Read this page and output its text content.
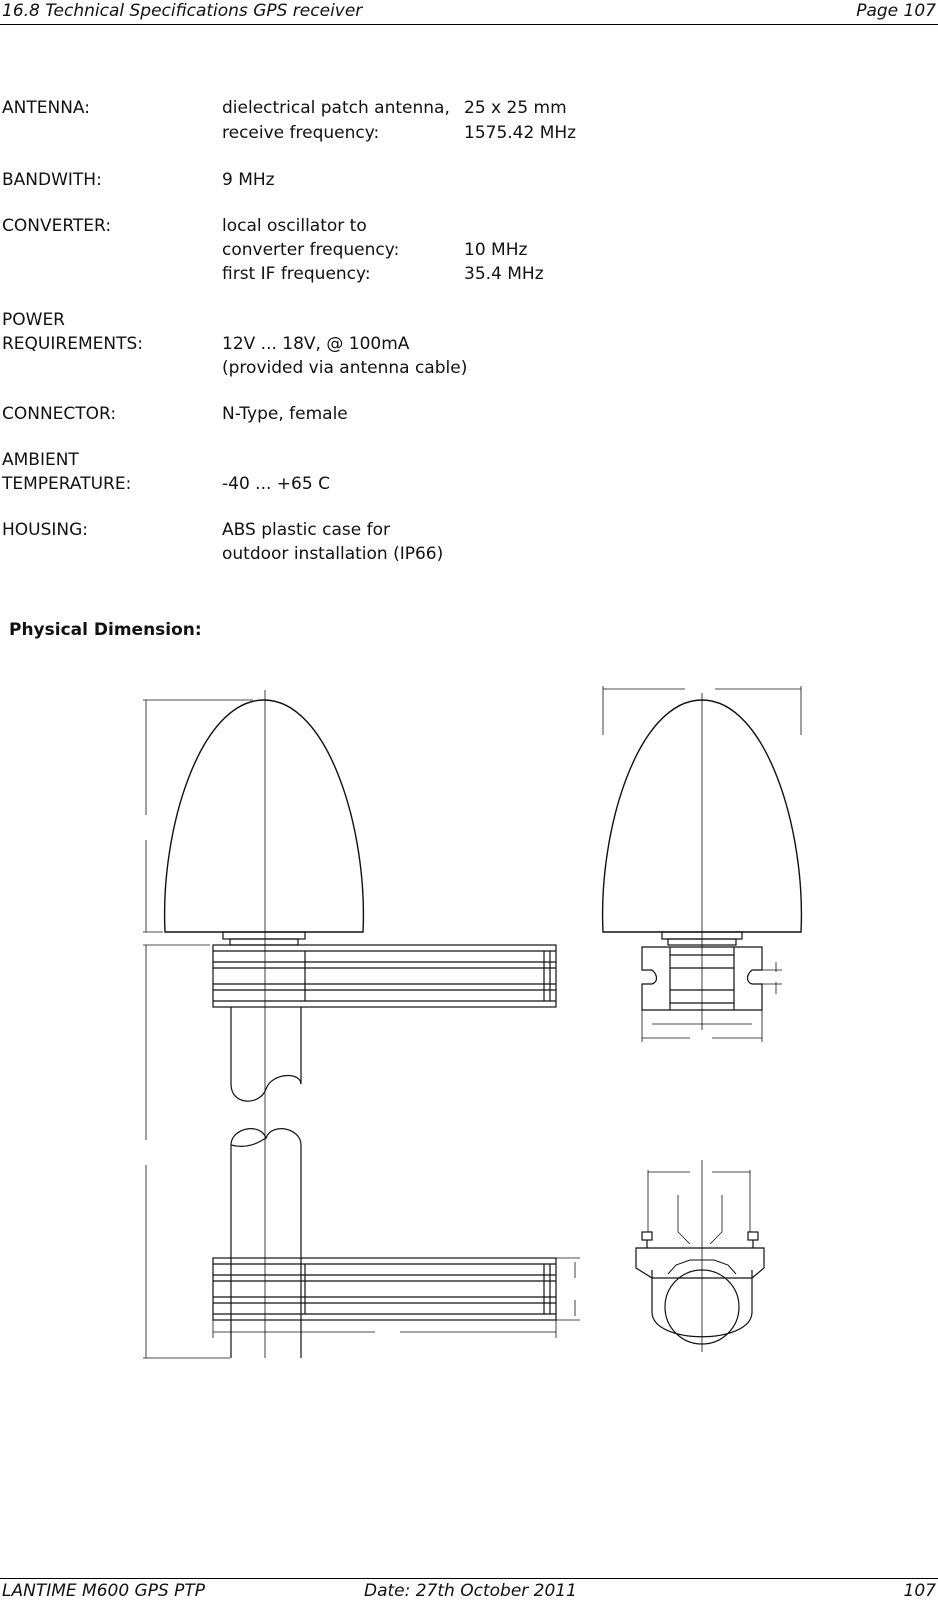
16.8 Technical Specifications GPS receiver	Page 107
ANTENNA:	dielectrical patch antenna, 25 x 25 mm
receive frequency:	1575.42 MHz
BANDWITH:	9 MHz
CONVERTER:	local oscillator to
converter frequency:	10 MHz
first IF frequency:	35.4 MHz
POWER
REQUIREMENTS:	12V ... 18V, @ 100mA
(provided via antenna cable)
CONNECTOR:	N-Type, female
AMBIENT
TEMPERATURE:	-40 ... +65 C
HOUSING:	ABS plastic case for
outdoor installation (IP66)
Physical Dimension:
LANTIME M600 GPS PTP	Date: 27th October 2011	107
